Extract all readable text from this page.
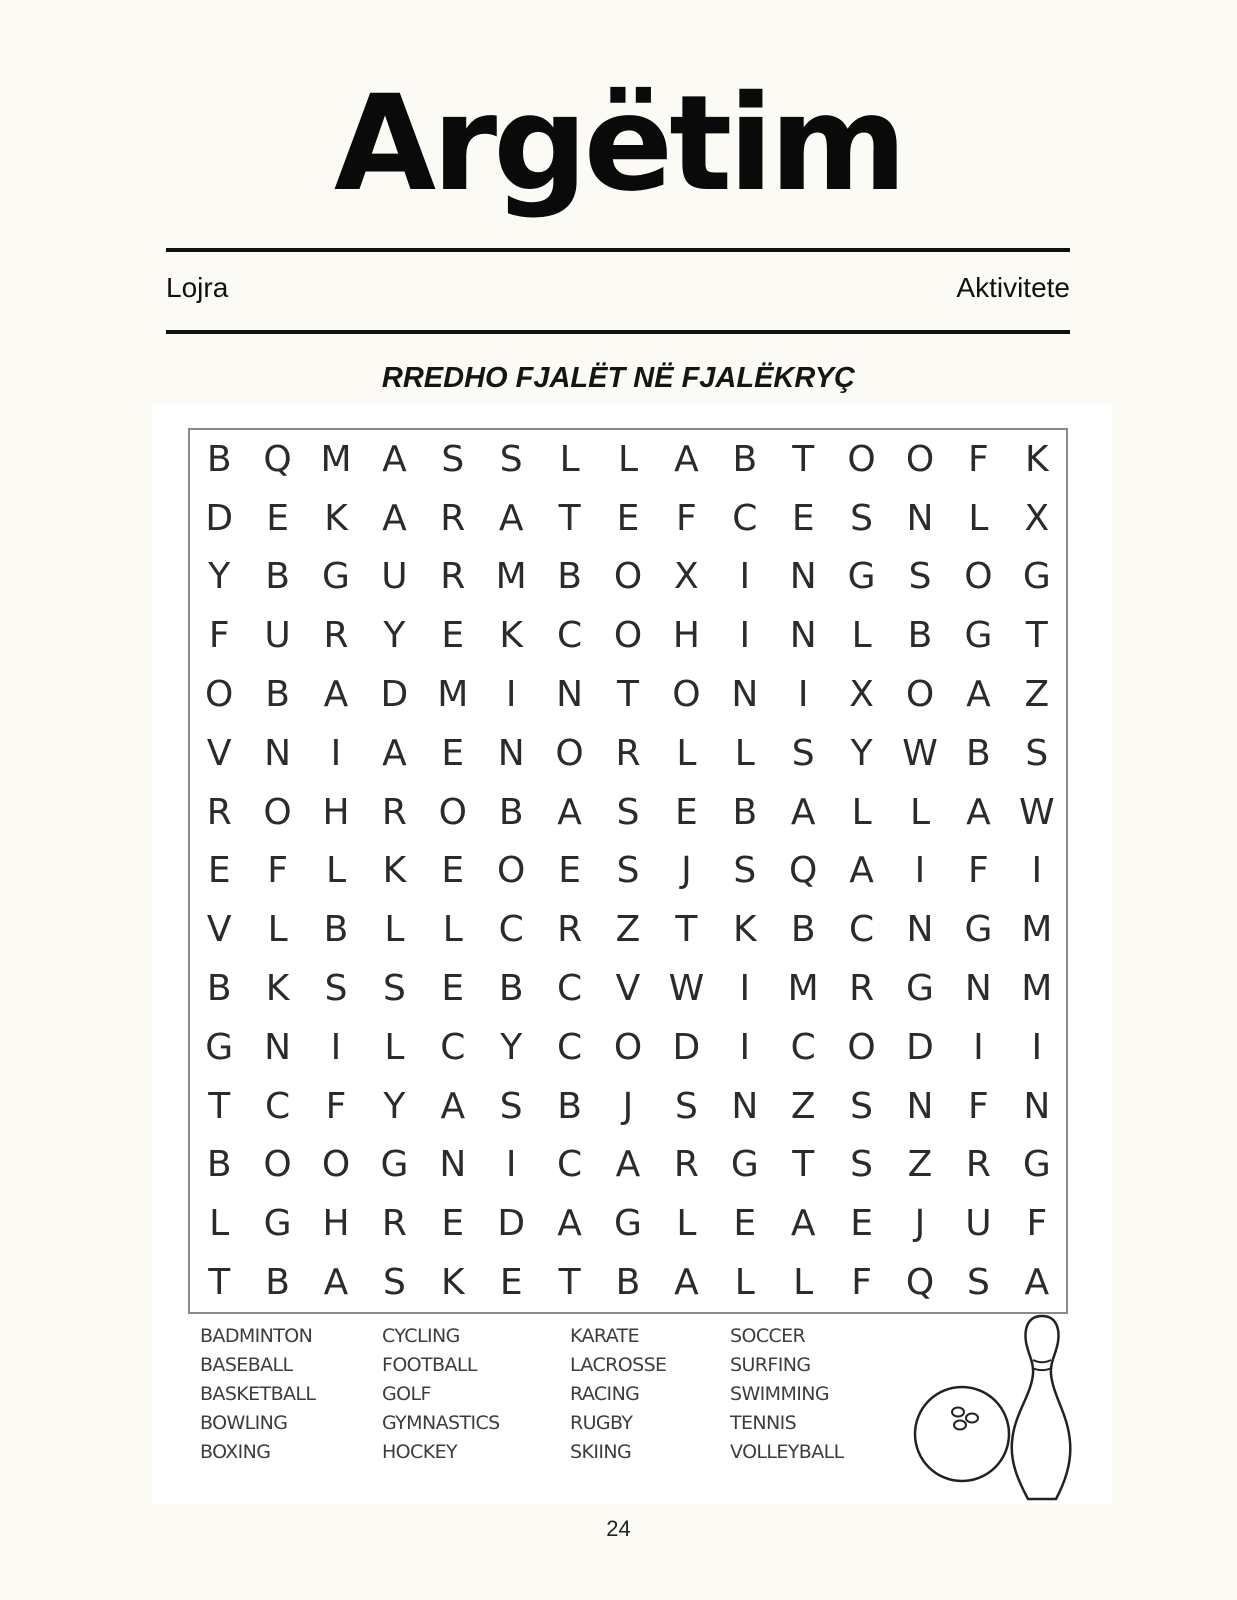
Argëtim
Lojra	Aktivitete
RREDHO FJALËT NË FJALËKRYÇ
B Q M A S S	L	L	A B T O O F	K
D E K A R A T	E	F C E S N L	X
Y B G U R M B O X	I	N G S O G
F U R Y	E K C O H	I	N L	B G T
O B A D M	I	N T O N	I	X O A Z
V N	I	A E N O R L	L	S Y W B S
R O H R O B A S E B A	L	L	A W
E	F	L	K E O E S	J	S Q A	I	F	I
V	L	B	L	L C R Z T K B C N G M
B K S S E B C V W I	M R G N M
G N	I	L C Y C O D	I	C O D	I	I
T C F	Y A S B	J	S N Z S N F N
B O O G N	I	C A R G T S Z R G
L G H R E D A G L	E A E	J	U F
T B A S K E	T B A	L	L	F Q S A
BADMINTON
BASEBALL
BASKETBALL
BOWLING
BOXING
CYCLING
FOOTBALL
GOLF
GYMNASTICS
HOCKEY
KARATE
LACROSSE
RACING
RUGBY
SKIING
SOCCER
SURFING
SWIMMING
TENNIS
VOLLEYBALL
24
